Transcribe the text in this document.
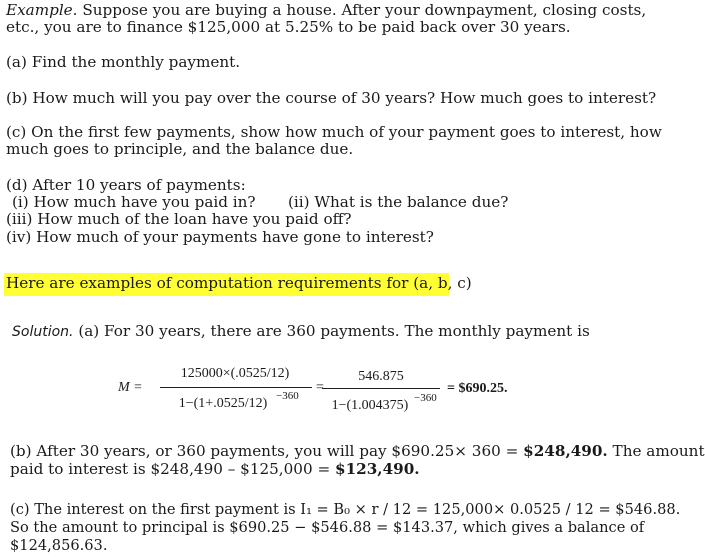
Example. Suppose you are buying a house. After your downpayment, closing costs,
etc., you are to finance $125,000 at 5.25% to be paid back over 30 years.
(a) Find the monthly payment.
(b) How much will you pay over the course of 30 years? How much goes to interest?
(c) On the first few payments, show how much of your payment goes to interest, how
much goes to principle, and the balance due.
(d) After 10 years of payments:
(i) How much have you paid in? (ii) What is the balance due?
(iii) How much of the loan have you paid off?
(iv) How much of your payments have gone to interest?
Here are examples of computation requirements for (a, b, c)
Solution. (a) For 30 years, there are 360 payments. The monthly payment is
M =
125000×(.0525/12)
1−(1+.0525/12) −360
=
546.875
1−(1.004375) −360
= $690.25.
(b) After 30 years, or 360 payments, you will pay $690.25× 360 = $248,490. The amount
paid to interest is $248,490 – $125,000 = $123,490.
(c) The interest on the first payment is I₁ = B₀ × r / 12 = 125,000× 0.0525 / 12 = $546.88.
So the amount to principal is $690.25 − $546.88 = $143.37, which gives a balance of
$124,856.63.
